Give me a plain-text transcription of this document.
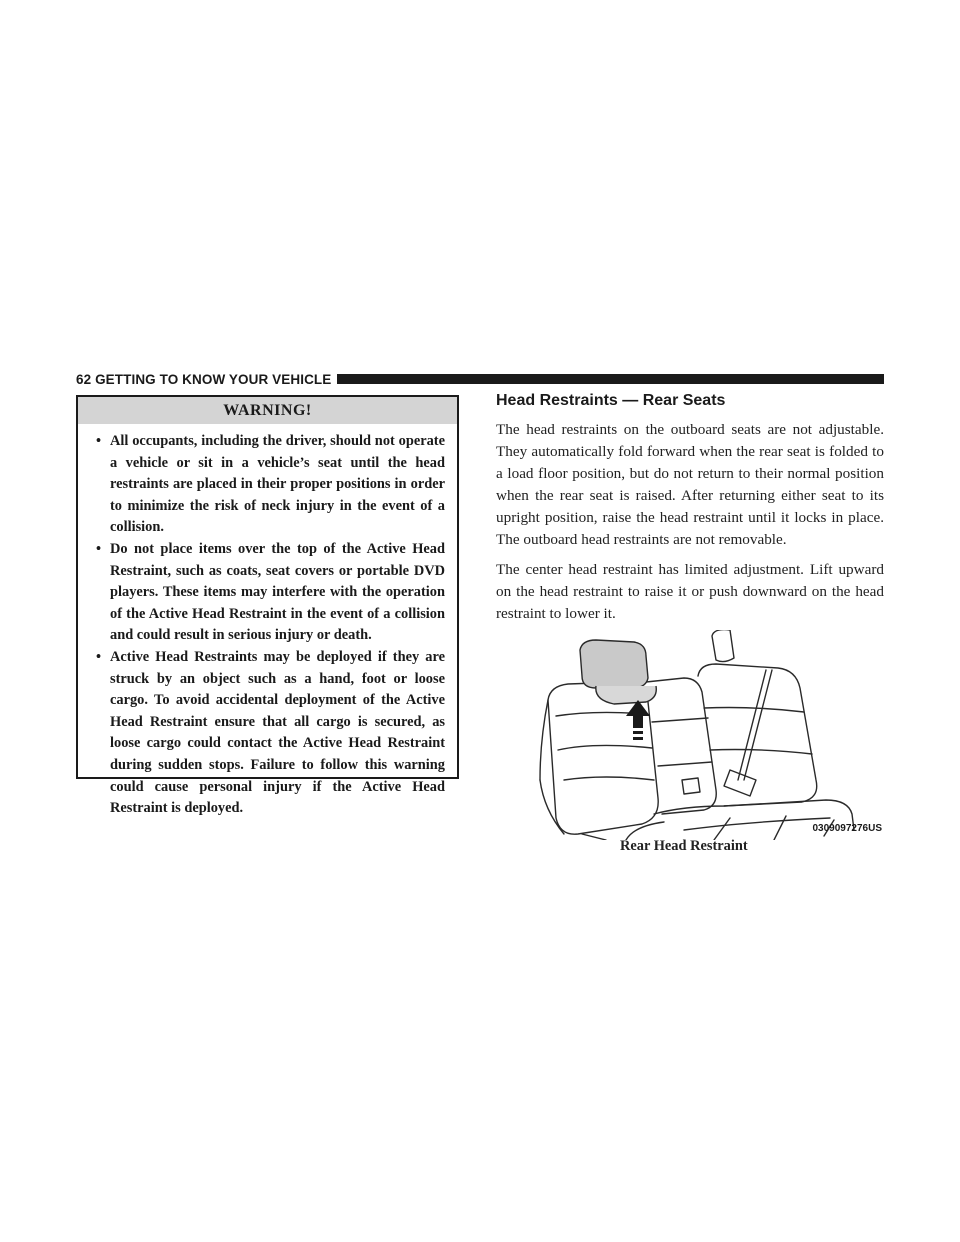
62 GETTING TO KNOW YOUR VEHICLE
WARNING!
• All occupants, including the driver, should not operate a vehicle or sit in a vehicle’s seat until the head restraints are placed in their proper positions in order to minimize the risk of neck injury in the event of a collision.
• Do not place items over the top of the Active Head Restraint, such as coats, seat covers or portable DVD players. These items may interfere with the operation of the Active Head Restraint in the event of a collision and could result in serious injury or death.
• Active Head Restraints may be deployed if they are struck by an object such as a hand, foot or loose cargo. To avoid accidental deployment of the Active Head Restraint ensure that all cargo is secured, as loose cargo could contact the Active Head Restraint during sudden stops. Failure to follow this warning could cause personal injury if the Active Head Restraint is deployed.
Head Restraints — Rear Seats

The head restraints on the outboard seats are not adjustable. They automatically fold forward when the rear seat is folded to a load floor position, but do not return to their normal position when the rear seat is raised. After returning either seat to its upright position, raise the head restraint until it locks in place. The outboard head restraints are not removable.

The center head restraint has limited adjustment. Lift upward on the head restraint to raise it or push downward on the head restraint to lower it.

0309097276US
Rear Head Restraint
